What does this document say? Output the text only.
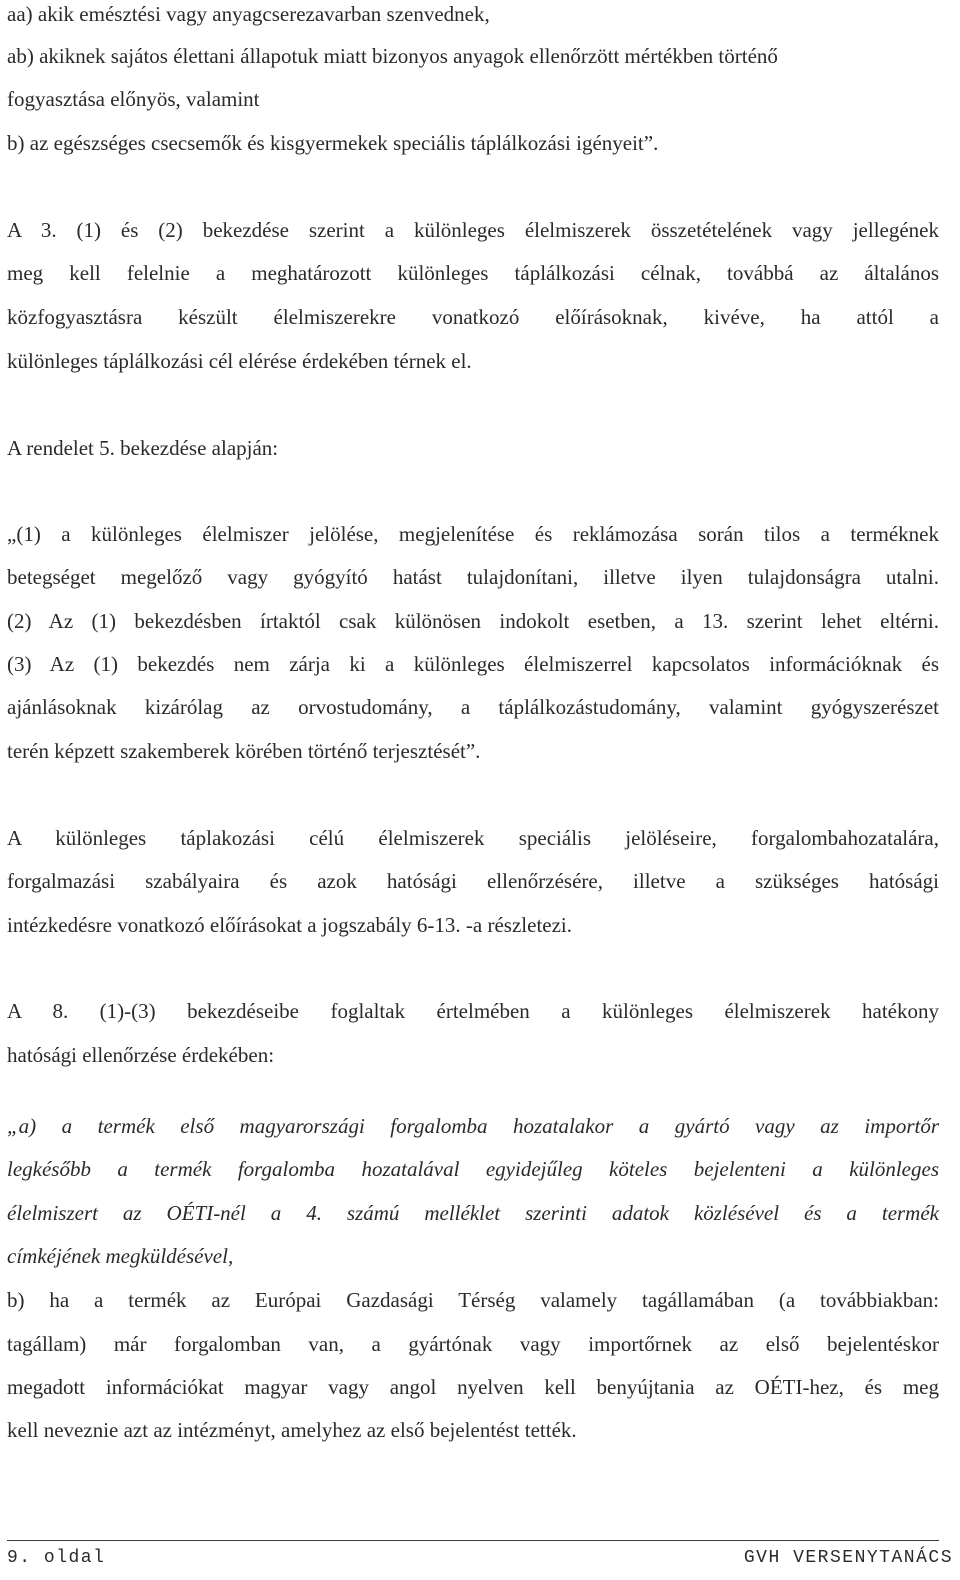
aa) akik emésztési vagy anyagcserezavarban szenvednek,
ab) akiknek sajátos élettani állapotuk miatt bizonyos anyagok ellenőrzött mértékben történő
fogyasztása előnyös, valamint
b) az egészséges csecsemők és kisgyermekek speciális táplálkozási igényeit”.
A 3. (1) és (2) bekezdése szerint a különleges élelmiszerek összetételének vagy jellegének
meg kell felelnie a meghatározott különleges táplálkozási célnak, továbbá az általános
közfogyasztásra készült élelmiszerekre vonatkozó előírásoknak, kivéve, ha attól a
különleges táplálkozási cél elérése érdekében térnek el.
A rendelet 5. bekezdése alapján:
„(1) a különleges élelmiszer jelölése, megjelenítése és reklámozása során tilos a terméknek
betegséget megelőző vagy gyógyító hatást tulajdonítani, illetve ilyen tulajdonságra utalni.
(2) Az (1) bekezdésben írtaktól csak különösen indokolt esetben, a 13. szerint lehet eltérni.
(3) Az (1) bekezdés nem zárja ki a különleges élelmiszerrel kapcsolatos információknak és
ajánlásoknak kizárólag az orvostudomány, a táplálkozástudomány, valamint gyógyszerészet
terén képzett szakemberek körében történő terjesztését”.
A különleges táplakozási célú élelmiszerek speciális jelöléseire, forgalombahozatalára,
forgalmazási szabályaira és azok hatósági ellenőrzésére, illetve a szükséges hatósági
intézkedésre vonatkozó előírásokat a jogszabály 6-13. -a részletezi.
A 8. (1)-(3) bekezdéseibe foglaltak értelmében a különleges élelmiszerek hatékony
hatósági ellenőrzése érdekében:
„a) a termék első magyarországi forgalomba hozatalakor a gyártó vagy az importőr
legkésőbb a termék forgalomba hozatalával egyidejűleg köteles bejelenteni a különleges
élelmiszert az OÉTI-nél a 4. számú melléklet szerinti adatok közlésével és a termék
címkéjének megküldésével,
b) ha a termék az Európai Gazdasági Térség valamely tagállamában (a továbbiakban:
tagállam) már forgalomban van, a gyártónak vagy importőrnek az első bejelentéskor
megadott információkat magyar vagy angol nyelven kell benyújtania az OÉTI-hez, és meg
kell neveznie azt az intézményt, amelyhez az első bejelentést tették.
9. oldal	GVH VERSENYTANÁCS
